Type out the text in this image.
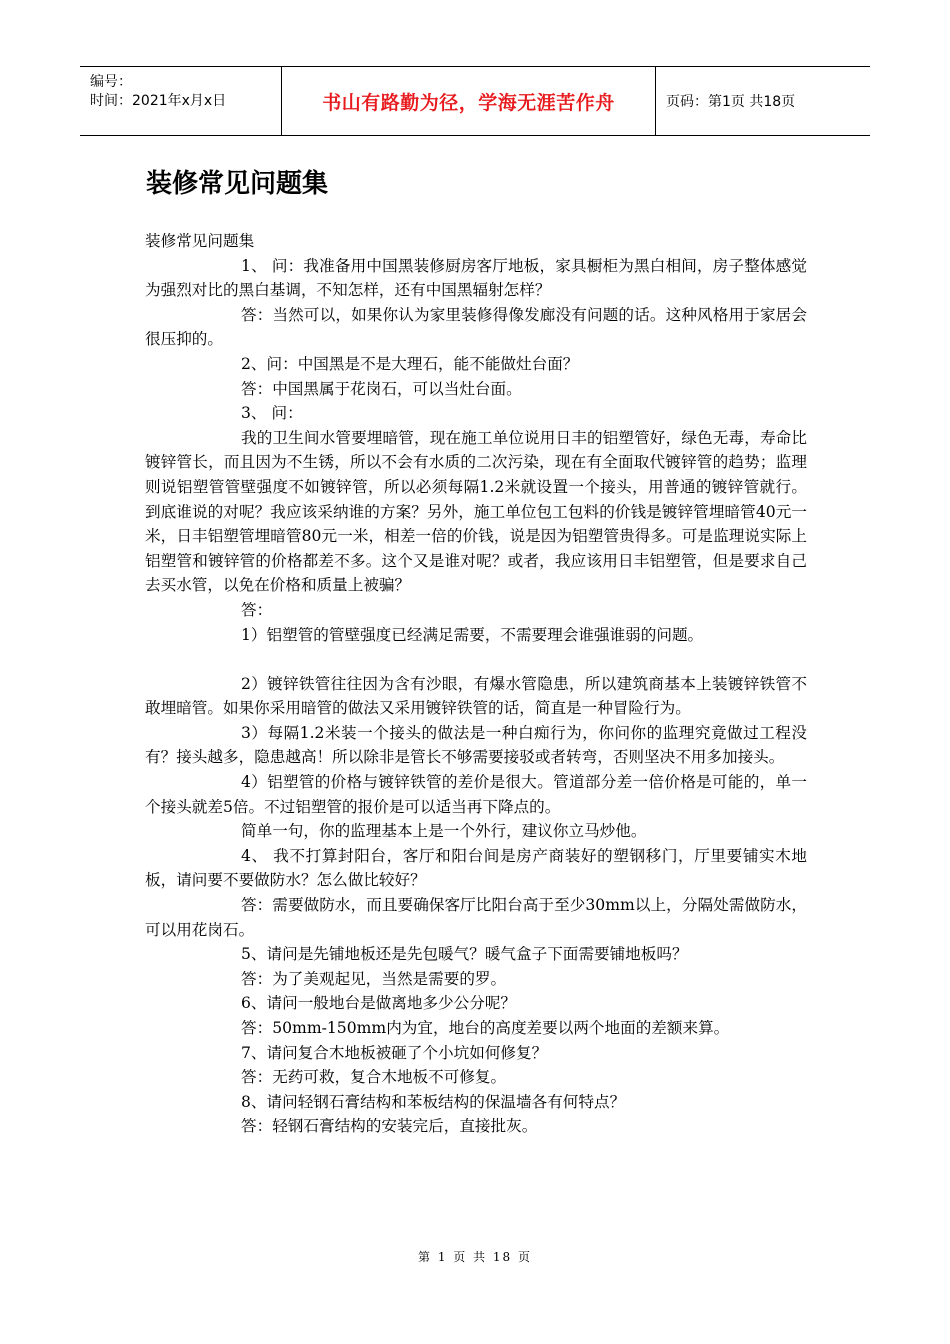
编号：
时间：2021年x月x日	书山有路勤为径，学海无涯苦作舟	页码：第1页 共18页
装修常见问题集

装修常见问题集

1、 问：我准备用中国黑装修厨房客厅地板，家具橱柜为黑白相间，房子整体感觉为强烈对比的黑白基调，不知怎样，还有中国黑辐射怎样？

答：当然可以，如果你认为家里装修得像发廊没有问题的话。这种风格用于家居会很压抑的。

2、问：中国黑是不是大理石，能不能做灶台面？

答：中国黑属于花岗石，可以当灶台面。

3、 问：

我的卫生间水管要埋暗管，现在施工单位说用日丰的铝塑管好，绿色无毒，寿命比镀锌管长，而且因为不生锈，所以不会有水质的二次污染，现在有全面取代镀锌管的趋势；监理则说铝塑管管壁强度不如镀锌管，所以必须每隔1.2米就设置一个接头，用普通的镀锌管就行。到底谁说的对呢？我应该采纳谁的方案？另外，施工单位包工包料的价钱是镀锌管埋暗管40元一米，日丰铝塑管埋暗管80元一米，相差一倍的价钱，说是因为铝塑管贵得多。可是监理说实际上铝塑管和镀锌管的价格都差不多。这个又是谁对呢？或者，我应该用日丰铝塑管，但是要求自己去买水管，以免在价格和质量上被骗？

答：

1）铝塑管的管壁强度已经满足需要，不需要理会谁强谁弱的问题。

2）镀锌铁管往往因为含有沙眼，有爆水管隐患，所以建筑商基本上装镀锌铁管不敢埋暗管。如果你采用暗管的做法又采用镀锌铁管的话，简直是一种冒险行为。

3）每隔1.2米装一个接头的做法是一种白痴行为，你问你的监理究竟做过工程没有？接头越多，隐患越高！所以除非是管长不够需要接驳或者转弯，否则坚决不用多加接头。

4）铝塑管的价格与镀锌铁管的差价是很大。管道部分差一倍价格是可能的，单一个接头就差5倍。不过铝塑管的报价是可以适当再下降点的。

简单一句，你的监理基本上是一个外行，建议你立马炒他。

4、 我不打算封阳台，客厅和阳台间是房产商装好的塑钢移门，厅里要铺实木地板，请问要不要做防水？怎么做比较好？

答：需要做防水，而且要确保客厅比阳台高于至少30mm以上，分隔处需做防水，可以用花岗石。

5、请问是先铺地板还是先包暖气？暖气盒子下面需要铺地板吗？

答：为了美观起见，当然是需要的罗。

6、请问一般地台是做离地多少公分呢？

答：50mm-150mm内为宜，地台的高度差要以两个地面的差额来算。

7、请问复合木地板被砸了个小坑如何修复？

答：无药可救，复合木地板不可修复。

8、请问轻钢石膏结构和苯板结构的保温墙各有何特点？

答：轻钢石膏结构的安装完后，直接批灰。

第 1 页 共 18 页
